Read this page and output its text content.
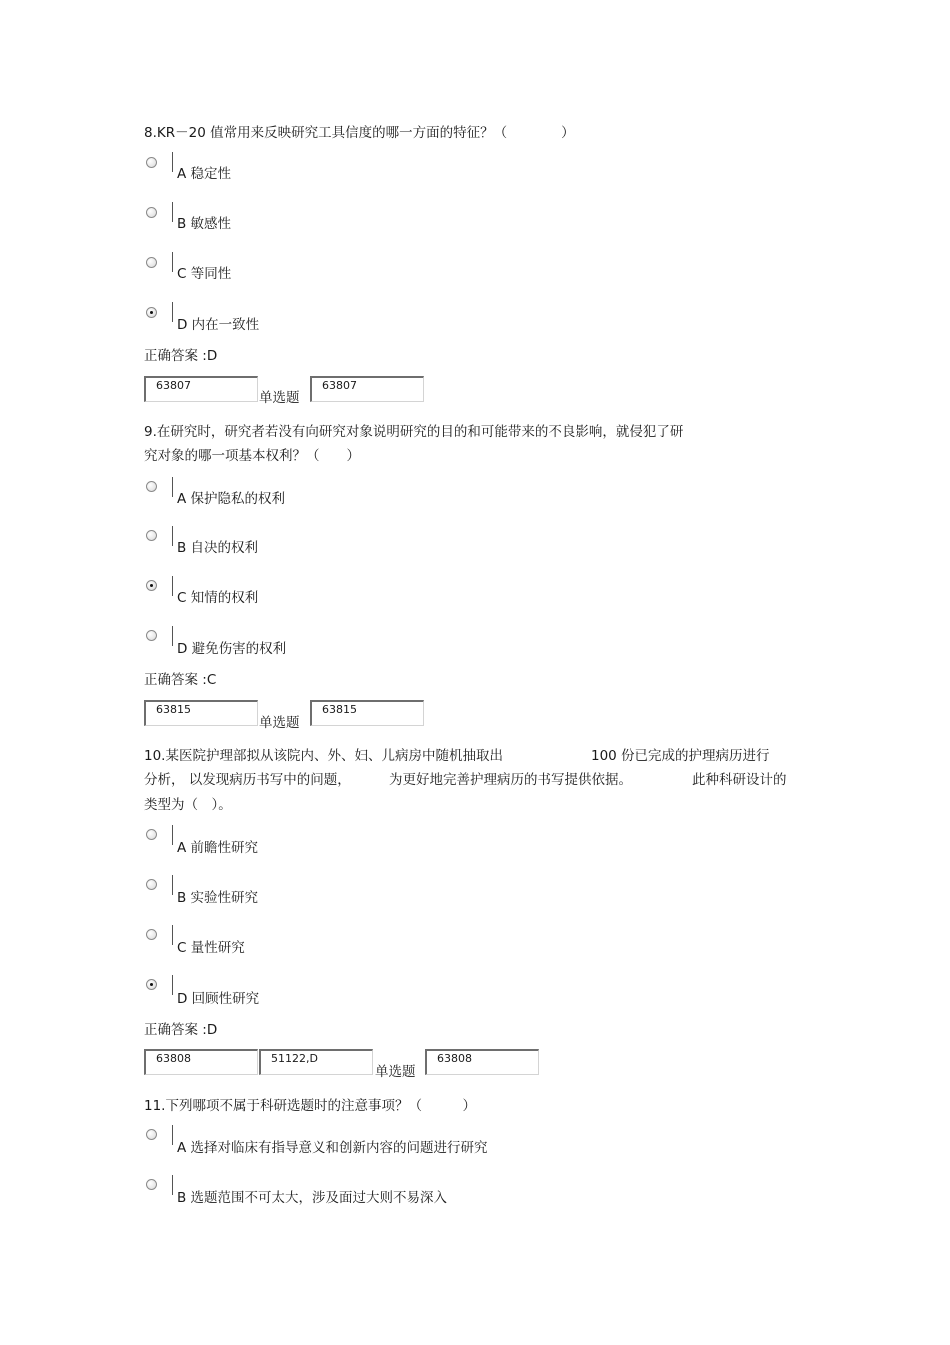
8.KR－20 值常用来反映研究工具信度的哪一方面的特征？（　　　　）
A 稳定性
B 敏感性
C 等同性
D 内在一致性
正确答案 :D
63807
单选题
63807
9.在研究时，研究者若没有向研究对象说明研究的目的和可能带来的不良影响，就侵犯了研
究对象的哪一项基本权利？（　　）
A 保护隐私的权利
B 自决的权利
C 知情的权利
D 避免伤害的权利
正确答案 :C
63815
单选题
63815
10.某医院护理部拟从该院内、外、妇、儿病房中随机抽取出	100 份已完成的护理病历进行
分析， 以发现病历书写中的问题，	为更好地完善护理病历的书写提供依据。	此种科研设计的
类型为（　）。
A 前瞻性研究
B 实验性研究
C 量性研究
D 回顾性研究
正确答案 :D
63808	51122,D
单选题
63808
11.下列哪项不属于科研选题时的注意事项？（　　　）
A 选择对临床有指导意义和创新内容的问题进行研究
B 选题范围不可太大，涉及面过大则不易深入
